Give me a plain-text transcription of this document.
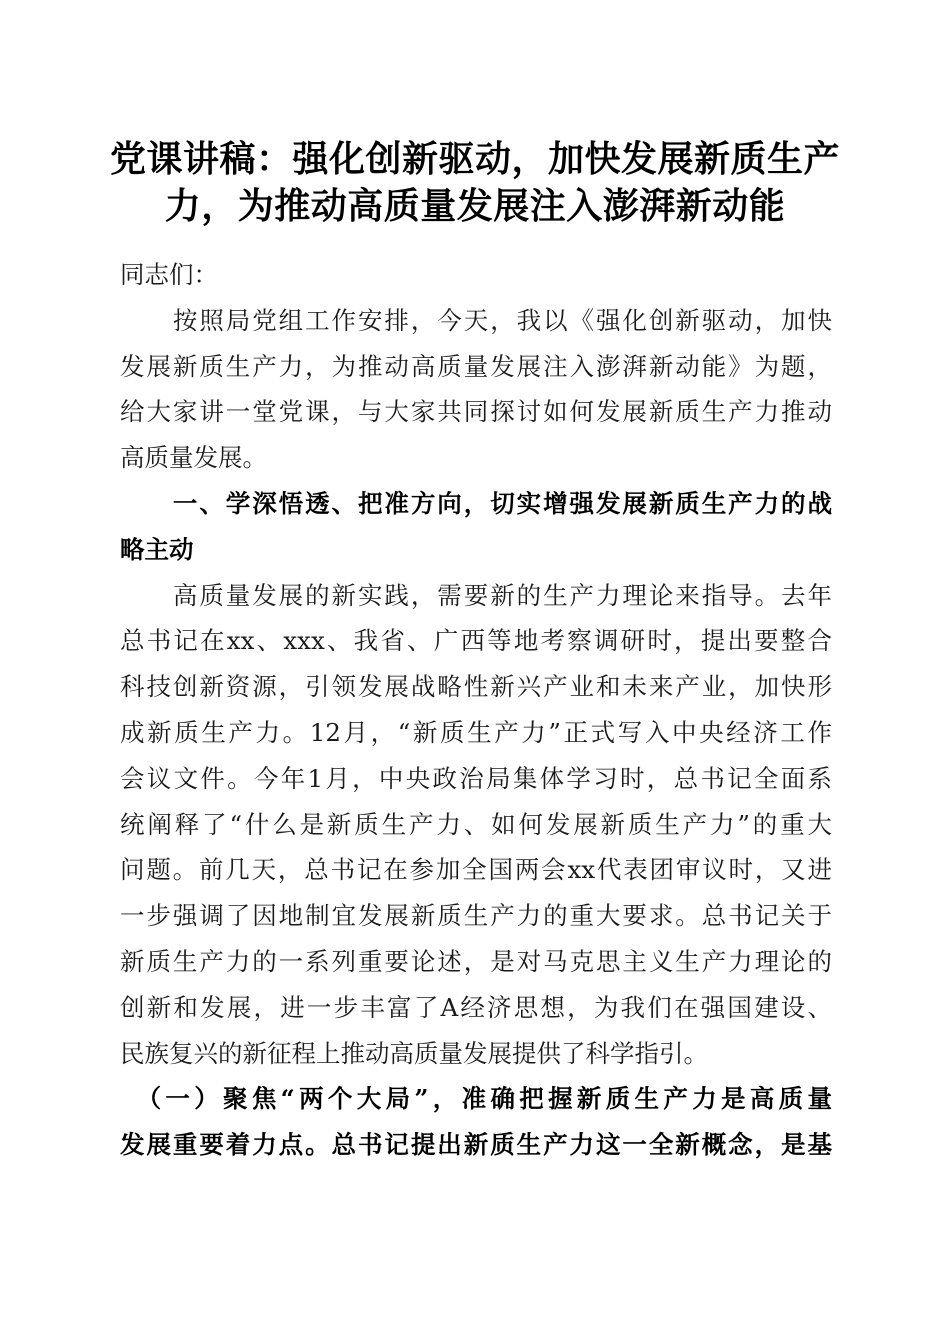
党课讲稿：强化创新驱动，加快发展新质生产
力，为推动高质量发展注入澎湃新动能

同志们：

　　按照局党组工作安排，今天，我以《强化创新驱动，加快
发展新质生产力，为推动高质量发展注入澎湃新动能》为题，
给大家讲一堂党课，与大家共同探讨如何发展新质生产力推动
高质量发展。

　　一、学深悟透、把准方向，切实增强发展新质生产力的战
略主动

　　高质量发展的新实践，需要新的生产力理论来指导。去年
总书记在xx、xxx、我省、广西等地考察调研时，提出要整合
科技创新资源，引领发展战略性新兴产业和未来产业，加快形
成新质生产力。12月，“新质生产力”正式写入中央经济工作
会议文件。今年1月，中央政治局集体学习时，总书记全面系
统阐释了“什么是新质生产力、如何发展新质生产力”的重大
问题。前几天，总书记在参加全国两会xx代表团审议时，又进
一步强调了因地制宜发展新质生产力的重大要求。总书记关于
新质生产力的一系列重要论述，是对马克思主义生产力理论的
创新和发展，进一步丰富了A经济思想，为我们在强国建设、
民族复兴的新征程上推动高质量发展提供了科学指引。

　（一）聚焦“两个大局”，准确把握新质生产力是高质量
发展重要着力点。总书记提出新质生产力这一全新概念，是基
